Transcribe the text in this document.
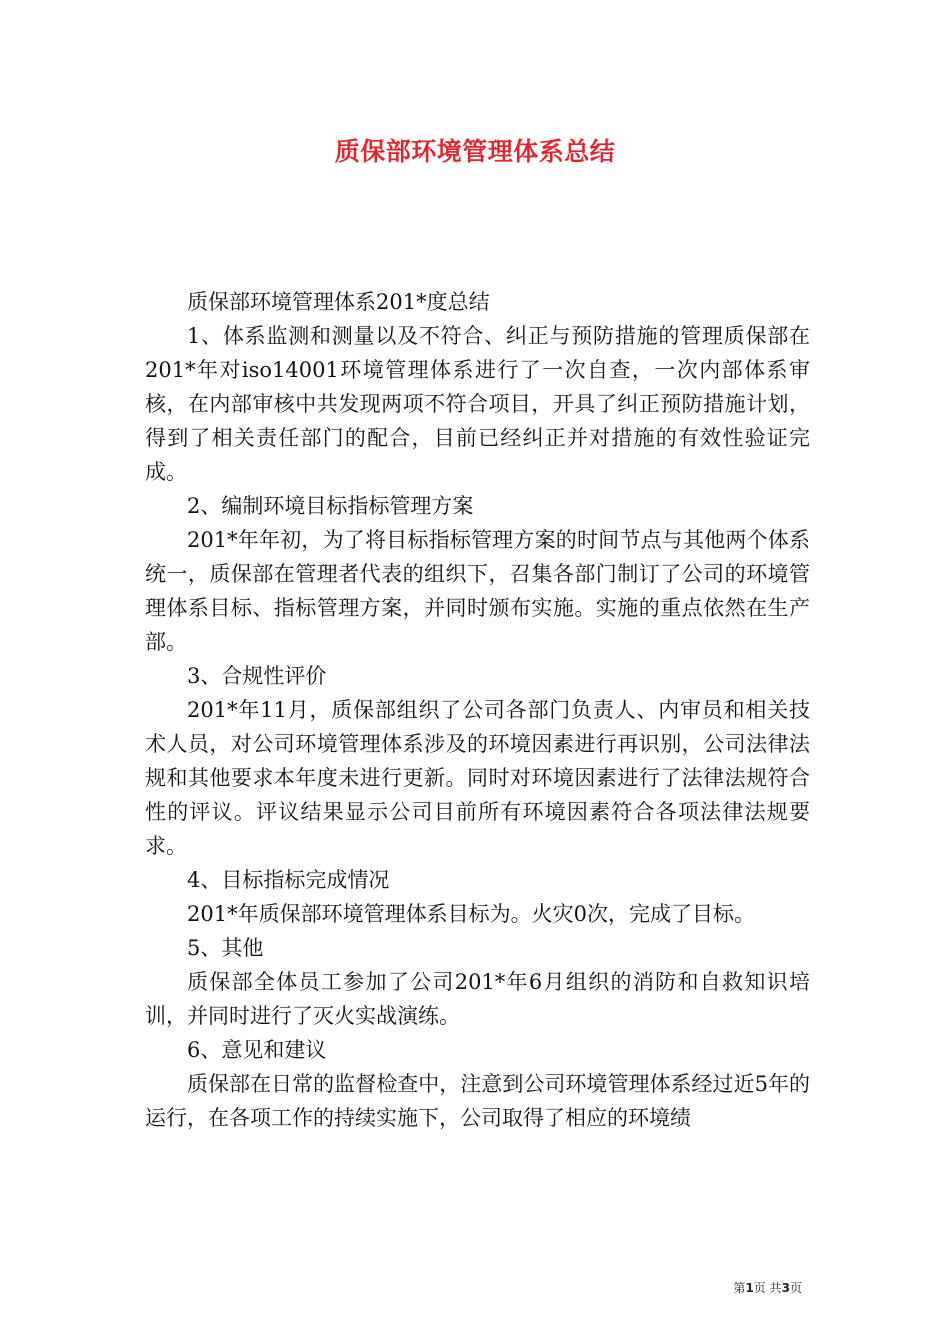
质保部环境管理体系总结

质保部环境管理体系201*度总结

1、体系监测和测量以及不符合、纠正与预防措施的管理质保部在201*年对iso14001环境管理体系进行了一次自查，一次内部体系审核，在内部审核中共发现两项不符合项目，开具了纠正预防措施计划，得到了相关责任部门的配合，目前已经纠正并对措施的有效性验证完成。

2、编制环境目标指标管理方案

201*年年初，为了将目标指标管理方案的时间节点与其他两个体系统一，质保部在管理者代表的组织下，召集各部门制订了公司的环境管理体系目标、指标管理方案，并同时颁布实施。实施的重点依然在生产部。

3、合规性评价

201*年11月，质保部组织了公司各部门负责人、内审员和相关技术人员，对公司环境管理体系涉及的环境因素进行再识别，公司法律法规和其他要求本年度未进行更新。同时对环境因素进行了法律法规符合性的评议。评议结果显示公司目前所有环境因素符合各项法律法规要求。

4、目标指标完成情况

201*年质保部环境管理体系目标为。火灾0次，完成了目标。

5、其他

质保部全体员工参加了公司201*年6月组织的消防和自救知识培训，并同时进行了灭火实战演练。

6、意见和建议

质保部在日常的监督检查中，注意到公司环境管理体系经过近5年的运行，在各项工作的持续实施下，公司取得了相应的环境绩

第1页 共3页
